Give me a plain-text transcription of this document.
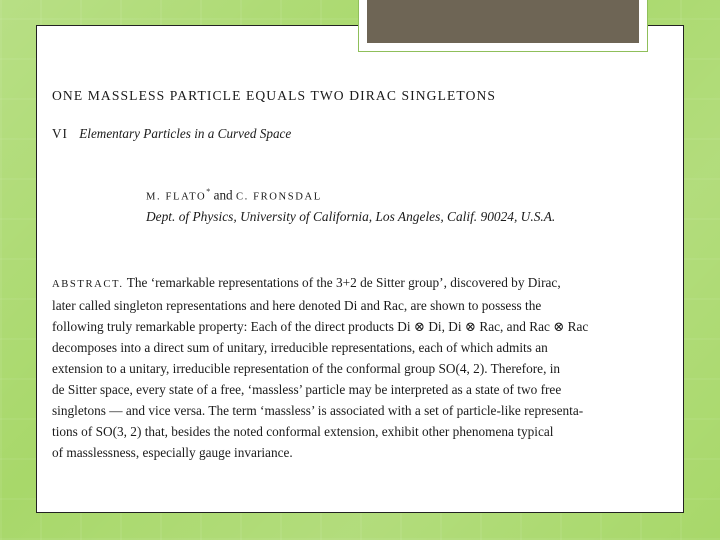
ONE MASSLESS PARTICLE EQUALS TWO DIRAC SINGLETONS
VI Elementary Particles in a Curved Space
M. FLATO* and C. FRONSDAL
Dept. of Physics, University of California, Los Angeles, Calif. 90024, U.S.A.
ABSTRACT. The ‘remarkable representations of the 3+2 de Sitter group’, discovered by Dirac,
later called singleton representations and here denoted Di and Rac, are shown to possess the
following truly remarkable property: Each of the direct products Di ⊗ Di, Di ⊗ Rac, and Rac ⊗ Rac
decomposes into a direct sum of unitary, irreducible representations, each of which admits an
extension to a unitary, irreducible representation of the conformal group SO(4, 2). Therefore, in
de Sitter space, every state of a free, ‘massless’ particle may be interpreted as a state of two free
singletons — and vice versa. The term ‘massless’ is associated with a set of particle-like representa-
tions of SO(3, 2) that, besides the noted conformal extension, exhibit other phenomena typical
of masslessness, especially gauge invariance.
